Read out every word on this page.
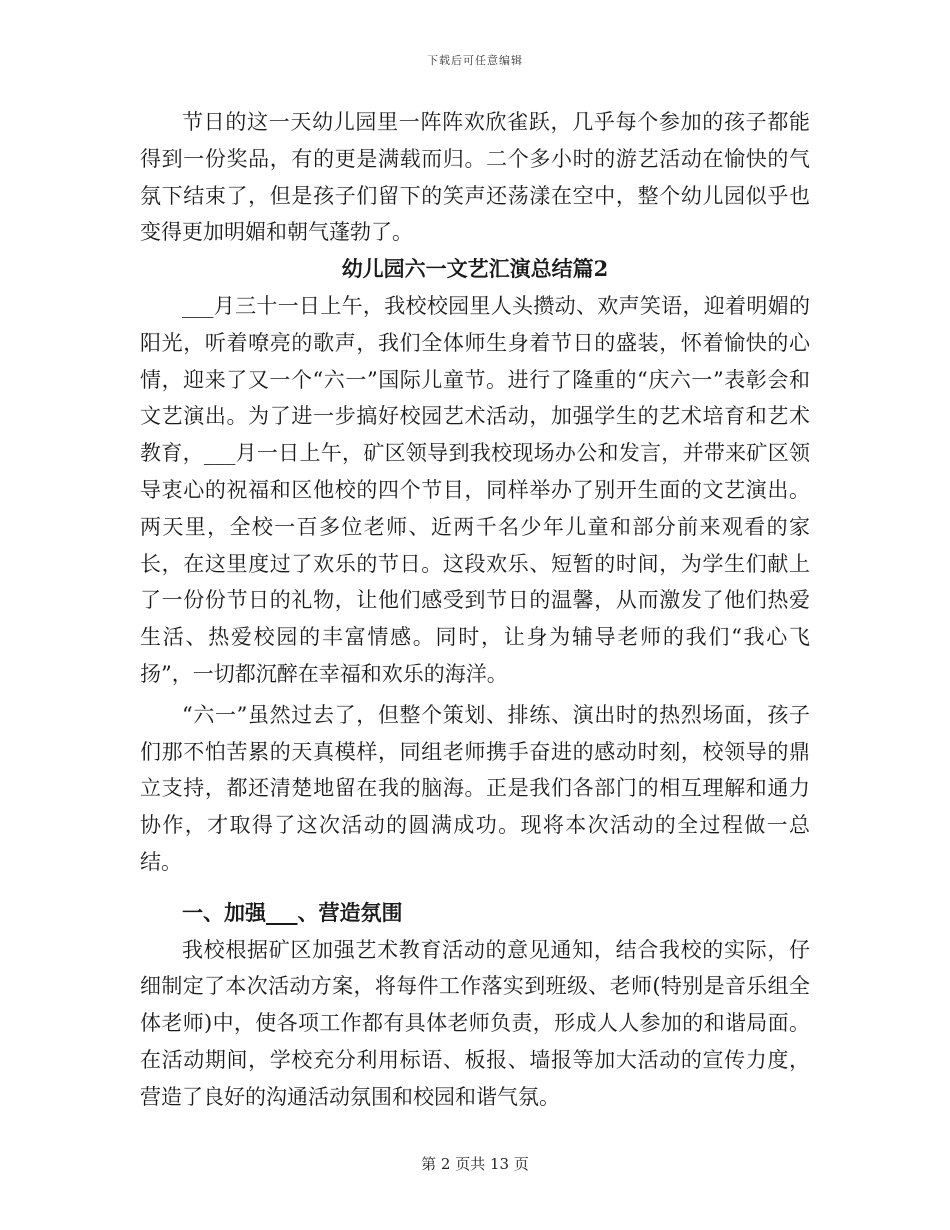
下载后可任意编辑

节日的这一天幼儿园里一阵阵欢欣雀跃，几乎每个参加的孩子都能得到一份奖品，有的更是满载而归。二个多小时的游艺活动在愉快的气氛下结束了，但是孩子们留下的笑声还荡漾在空中，整个幼儿园似乎也变得更加明媚和朝气蓬勃了。

幼儿园六一文艺汇演总结篇2

___月三十一日上午，我校校园里人头攒动、欢声笑语，迎着明媚的阳光，听着嘹亮的歌声，我们全体师生身着节日的盛装，怀着愉快的心情，迎来了又一个“六一”国际儿童节。进行了隆重的“庆六一”表彰会和文艺演出。为了进一步搞好校园艺术活动，加强学生的艺术培育和艺术教育，___月一日上午，矿区领导到我校现场办公和发言，并带来矿区领导衷心的祝福和区他校的四个节目，同样举办了别开生面的文艺演出。两天里，全校一百多位老师、近两千名少年儿童和部分前来观看的家长，在这里度过了欢乐的节日。这段欢乐、短暂的时间，为学生们献上了一份份节日的礼物，让他们感受到节日的温馨，从而激发了他们热爱生活、热爱校园的丰富情感。同时，让身为辅导老师的我们“我心飞扬”，一切都沉醉在幸福和欢乐的海洋。

“六一”虽然过去了，但整个策划、排练、演出时的热烈场面，孩子们那不怕苦累的天真模样，同组老师携手奋进的感动时刻，校领导的鼎立支持，都还清楚地留在我的脑海。正是我们各部门的相互理解和通力协作，才取得了这次活动的圆满成功。现将本次活动的全过程做一总结。

一、加强___、营造氛围

我校根据矿区加强艺术教育活动的意见通知，结合我校的实际，仔细制定了本次活动方案，将每件工作落实到班级、老师(特别是音乐组全体老师)中，使各项工作都有具体老师负责，形成人人参加的和谐局面。在活动期间，学校充分利用标语、板报、墙报等加大活动的宣传力度，营造了良好的沟通活动氛围和校园和谐气氛。

第 2 页共 13 页
